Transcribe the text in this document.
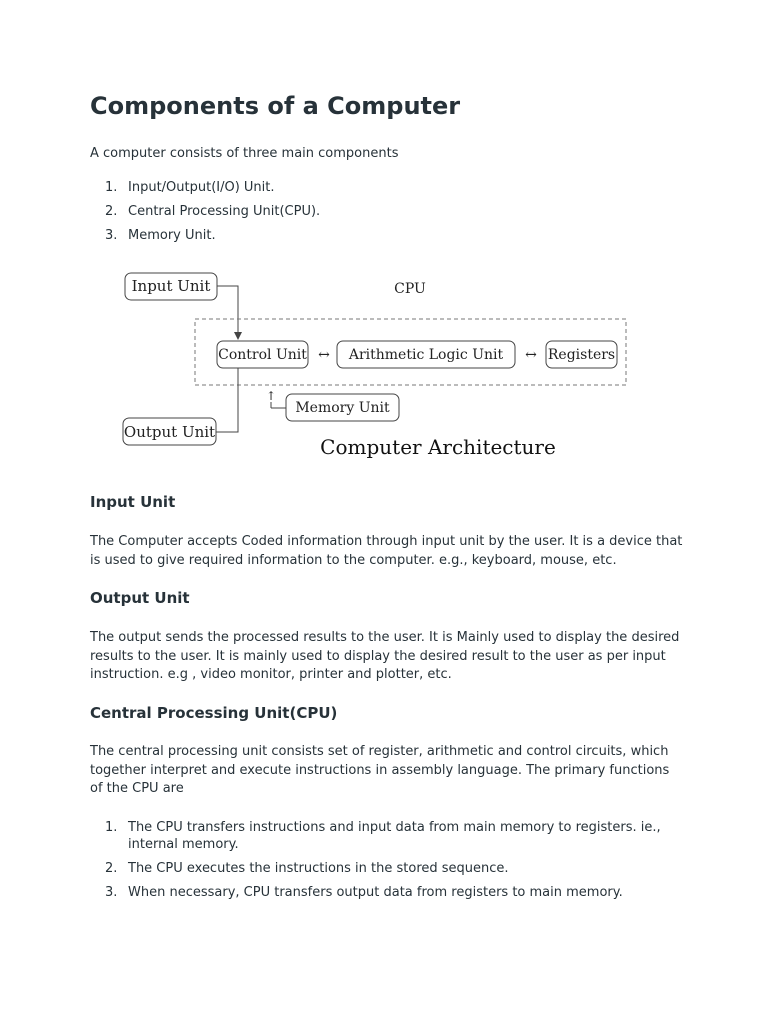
Components of a Computer

A computer consists of three main components

1. Input/Output(I/O) Unit.
2. Central Processing Unit(CPU).
3. Memory Unit.
Input Unit	CPU
Control Unit ↔ Arithmetic Logic Unit ↔ Registers
↑
Memory Unit
Output Unit
Computer Architecture
Input Unit

The Computer accepts Coded information through input unit by the user. It is a device that is used to give required information to the computer. e.g., keyboard, mouse, etc.

Output Unit

The output sends the processed results to the user. It is Mainly used to display the desired results to the user. It is mainly used to display the desired result to the user as per input instruction. e.g , video monitor, printer and plotter, etc.

Central Processing Unit(CPU)

The central processing unit consists set of register, arithmetic and control circuits, which together interpret and execute instructions in assembly language. The primary functions of the CPU are

1. The CPU transfers instructions and input data from main memory to registers. ie., internal memory.
2. The CPU executes the instructions in the stored sequence.
3. When necessary, CPU transfers output data from registers to main memory.
